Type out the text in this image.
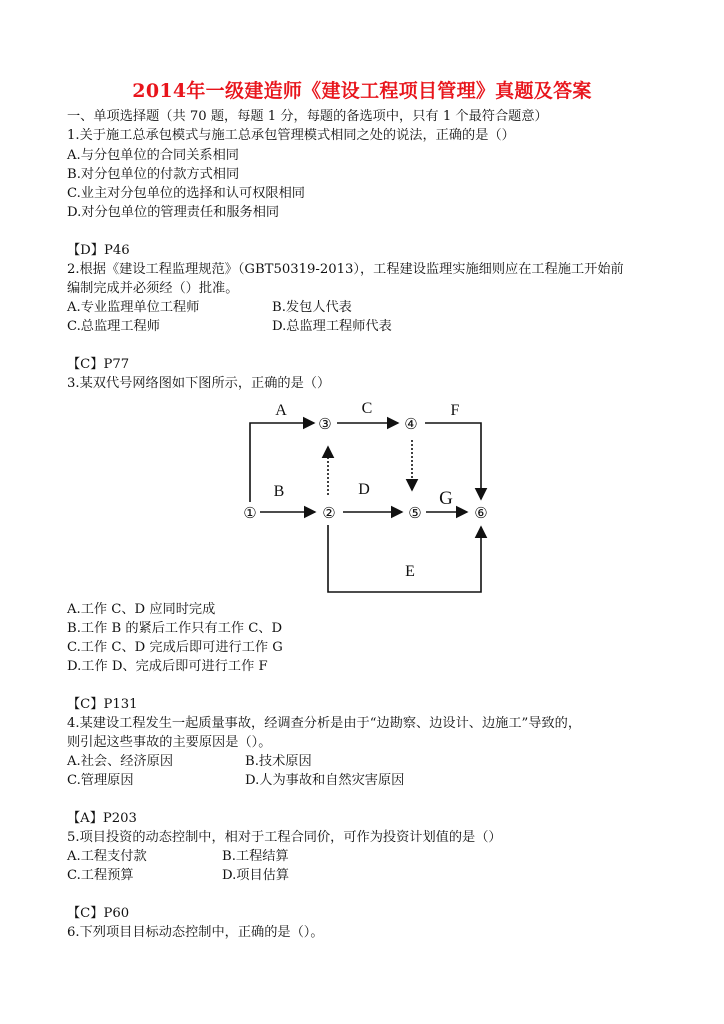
2014年一级建造师《建设工程项目管理》真题及答案
一、单项选择题（共 70 题，每题 1 分，每题的备选项中，只有 1 个最符合题意）
1.关于施工总承包模式与施工总承包管理模式相同之处的说法，正确的是（）
A.与分包单位的合同关系相同
B.对分包单位的付款方式相同
C.业主对分包单位的选择和认可权限相同
D.对分包单位的管理责任和服务相同
【D】P46
2.根据《建设工程监理规范》（GBT50319-2013），工程建设监理实施细则应在工程施工开始前
编制完成并必须经（）批准。
A.专业监理单位工程师	B.发包人代表
C.总监理工程师	D.总监理工程师代表
【C】P77
3.某双代号网络图如下图所示，正确的是（）
①	②
③	④
⑤	⑥
A	C	F
B	D	G
E
A.工作 C、D 应同时完成
B.工作 B 的紧后工作只有工作 C、D
C.工作 C、D 完成后即可进行工作 G
D.工作 D、完成后即可进行工作 F
【C】P131
4.某建设工程发生一起质量事故，经调查分析是由于“边勘察、边设计、边施工”导致的，
则引起这些事故的主要原因是（）。
A.社会、经济原因	B.技术原因
C.管理原因	D.人为事故和自然灾害原因
【A】P203
5.项目投资的动态控制中，相对于工程合同价，可作为投资计划值的是（）
A.工程支付款	B.工程结算
C.工程预算	D.项目估算
【C】P60
6.下列项目目标动态控制中，正确的是（）。
